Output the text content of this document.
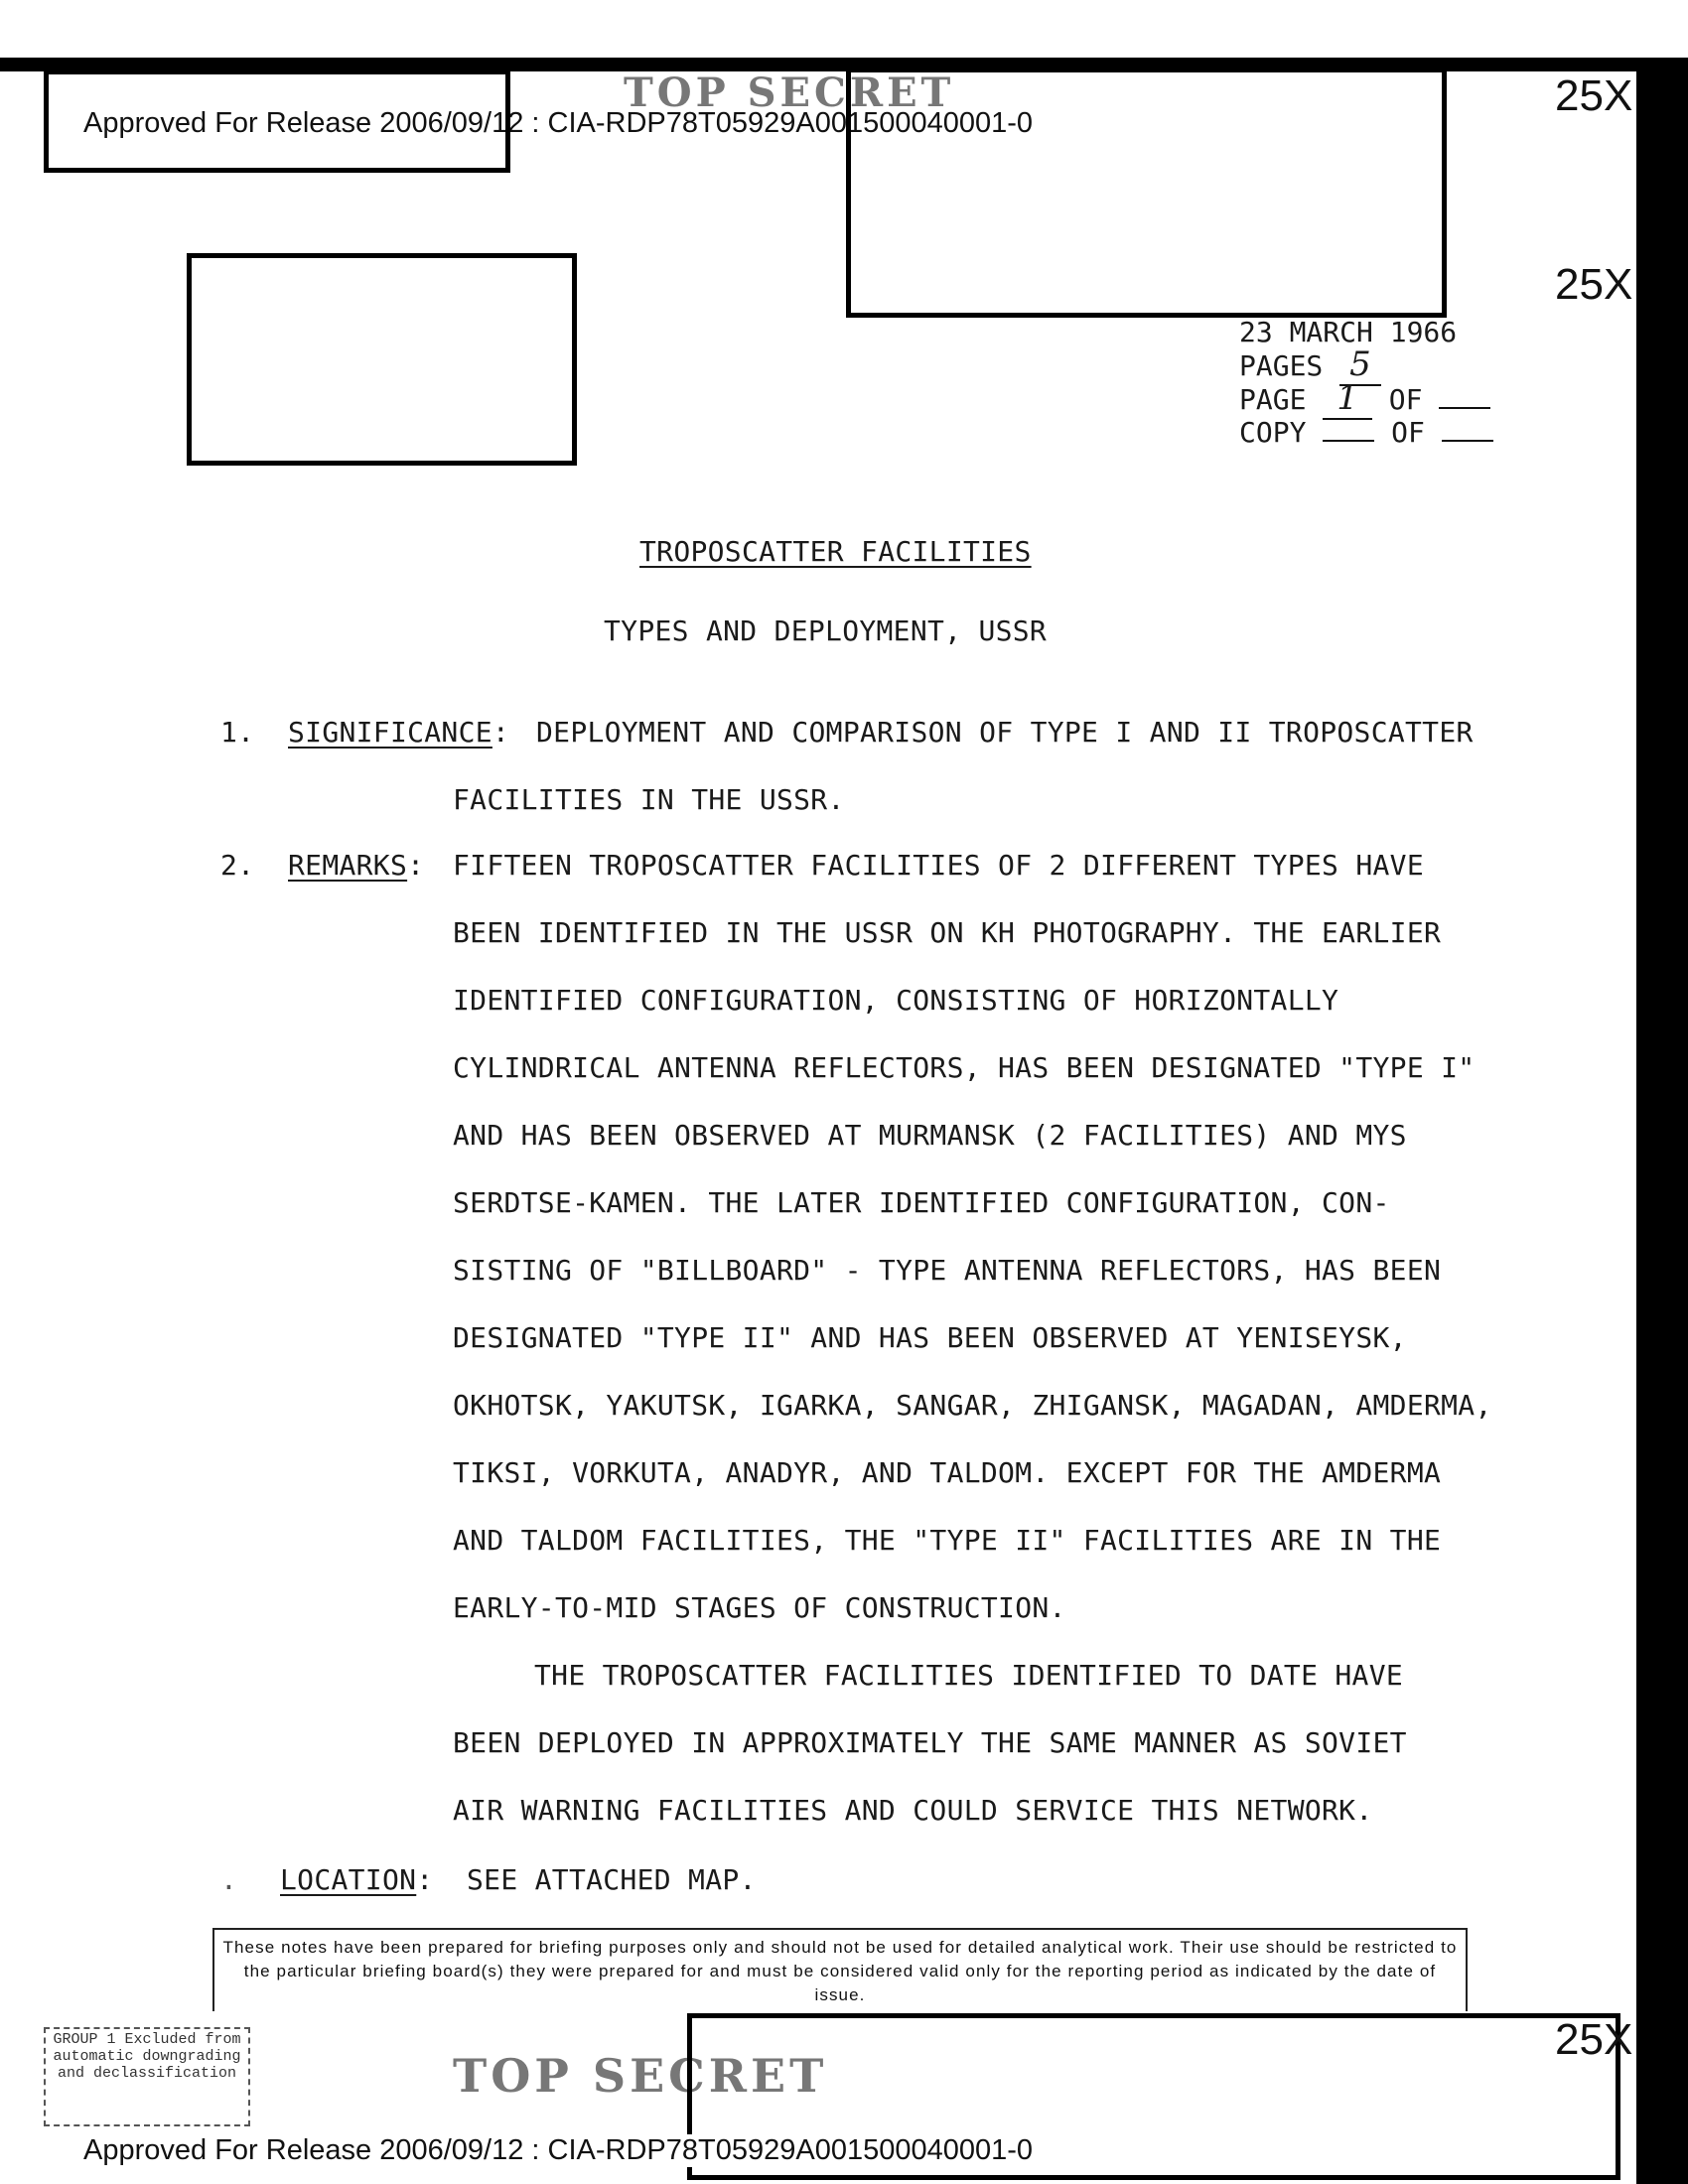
TOP SECRET
Approved For Release 2006/09/12 : CIA-RDP78T05929A001500040001-0
25X
25X
23 MARCH 1966
PAGES 5
PAGE 1 OF
COPY	OF
TROPOSCATTER FACILITIES
TYPES AND DEPLOYMENT, USSR
1. SIGNIFICANCE: DEPLOYMENT AND COMPARISON OF TYPE I AND II TROPOSCATTER
FACILITIES IN THE USSR.
2. REMARKS: FIFTEEN TROPOSCATTER FACILITIES OF 2 DIFFERENT TYPES HAVE
BEEN IDENTIFIED IN THE USSR ON KH PHOTOGRAPHY. THE EARLIER
IDENTIFIED CONFIGURATION, CONSISTING OF HORIZONTALLY
CYLINDRICAL ANTENNA REFLECTORS, HAS BEEN DESIGNATED "TYPE I"
AND HAS BEEN OBSERVED AT MURMANSK (2 FACILITIES) AND MYS
SERDTSE-KAMEN. THE LATER IDENTIFIED CONFIGURATION, CON-
SISTING OF "BILLBOARD" - TYPE ANTENNA REFLECTORS, HAS BEEN
DESIGNATED "TYPE II" AND HAS BEEN OBSERVED AT YENISEYSK,
OKHOTSK, YAKUTSK, IGARKA, SANGAR, ZHIGANSK, MAGADAN, AMDERMA,
TIKSI, VORKUTA, ANADYR, AND TALDOM. EXCEPT FOR THE AMDERMA
AND TALDOM FACILITIES, THE "TYPE II" FACILITIES ARE IN THE
EARLY-TO-MID STAGES OF CONSTRUCTION.
THE TROPOSCATTER FACILITIES IDENTIFIED TO DATE HAVE
BEEN DEPLOYED IN APPROXIMATELY THE SAME MANNER AS SOVIET
AIR WARNING FACILITIES AND COULD SERVICE THIS NETWORK.
. LOCATION: SEE ATTACHED MAP.
These notes have been prepared for briefing purposes only and should not be used for detailed analytical work. Their use should be restricted to the particular briefing board(s) they were prepared for and must be considered valid only for the reporting period as indicated by the date of issue.
GROUP 1 Excluded from automatic downgrading and declassification	TOP SECRET
25X
Approved For Release 2006/09/12 : CIA-RDP78T05929A001500040001-0
